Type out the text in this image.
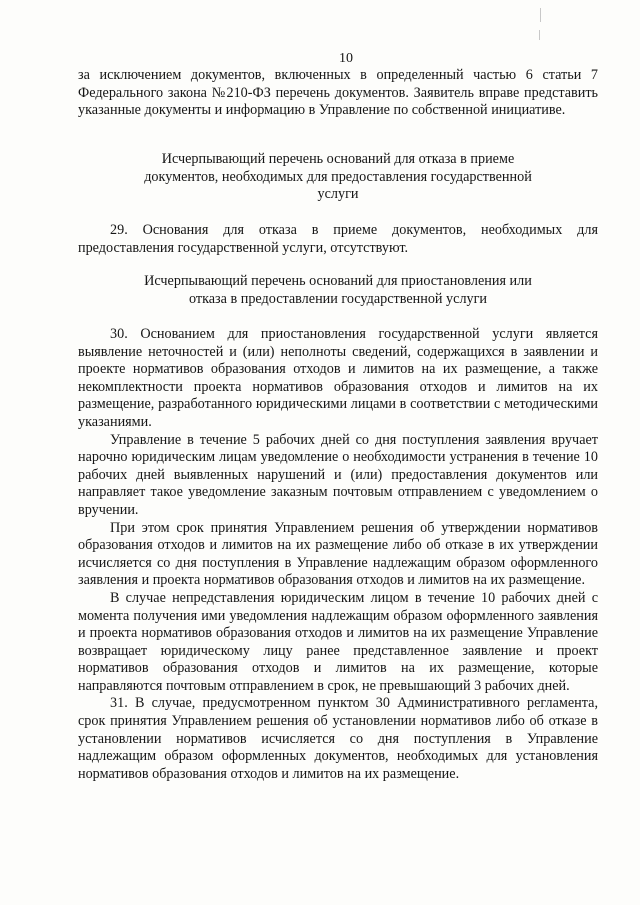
10

за исключением документов, включенных в определенный частью 6 статьи 7 Федерального закона №210-ФЗ перечень документов. Заявитель вправе представить указанные документы и информацию в Управление по собственной инициативе.

Исчерпывающий перечень оснований для отказа в приеме документов, необходимых для предоставления государственной услуги

29. Основания для отказа в приеме документов, необходимых для предоставления государственной услуги, отсутствуют.

Исчерпывающий перечень оснований для приостановления или отказа в предоставлении государственной услуги

30. Основанием для приостановления государственной услуги является выявление неточностей и (или) неполноты сведений, содержащихся в заявлении и проекте нормативов образования отходов и лимитов на их размещение, а также некомплектности проекта нормативов образования отходов и лимитов на их размещение, разработанного юридическими лицами в соответствии с методическими указаниями.

Управление в течение 5 рабочих дней со дня поступления заявления вручает нарочно юридическим лицам уведомление о необходимости устранения в течение 10 рабочих дней выявленных нарушений и (или) предоставления документов или направляет такое уведомление заказным почтовым отправлением с уведомлением о вручении.

При этом срок принятия Управлением решения об утверждении нормативов образования отходов и лимитов на их размещение либо об отказе в их утверждении исчисляется со дня поступления в Управление надлежащим образом оформленного заявления и проекта нормативов образования отходов и лимитов на их размещение.

В случае непредставления юридическим лицом в течение 10 рабочих дней с момента получения ими уведомления надлежащим образом оформленного заявления и проекта нормативов образования отходов и лимитов на их размещение Управление возвращает юридическому лицу ранее представленное заявление и проект нормативов образования отходов и лимитов на их размещение, которые направляются почтовым отправлением в срок, не превышающий 3 рабочих дней.

31. В случае, предусмотренном пунктом 30 Административного регламента, срок принятия Управлением решения об установлении нормативов либо об отказе в установлении нормативов исчисляется со дня поступления в Управление надлежащим образом оформленных документов, необходимых для установления нормативов образования отходов и лимитов на их размещение.
